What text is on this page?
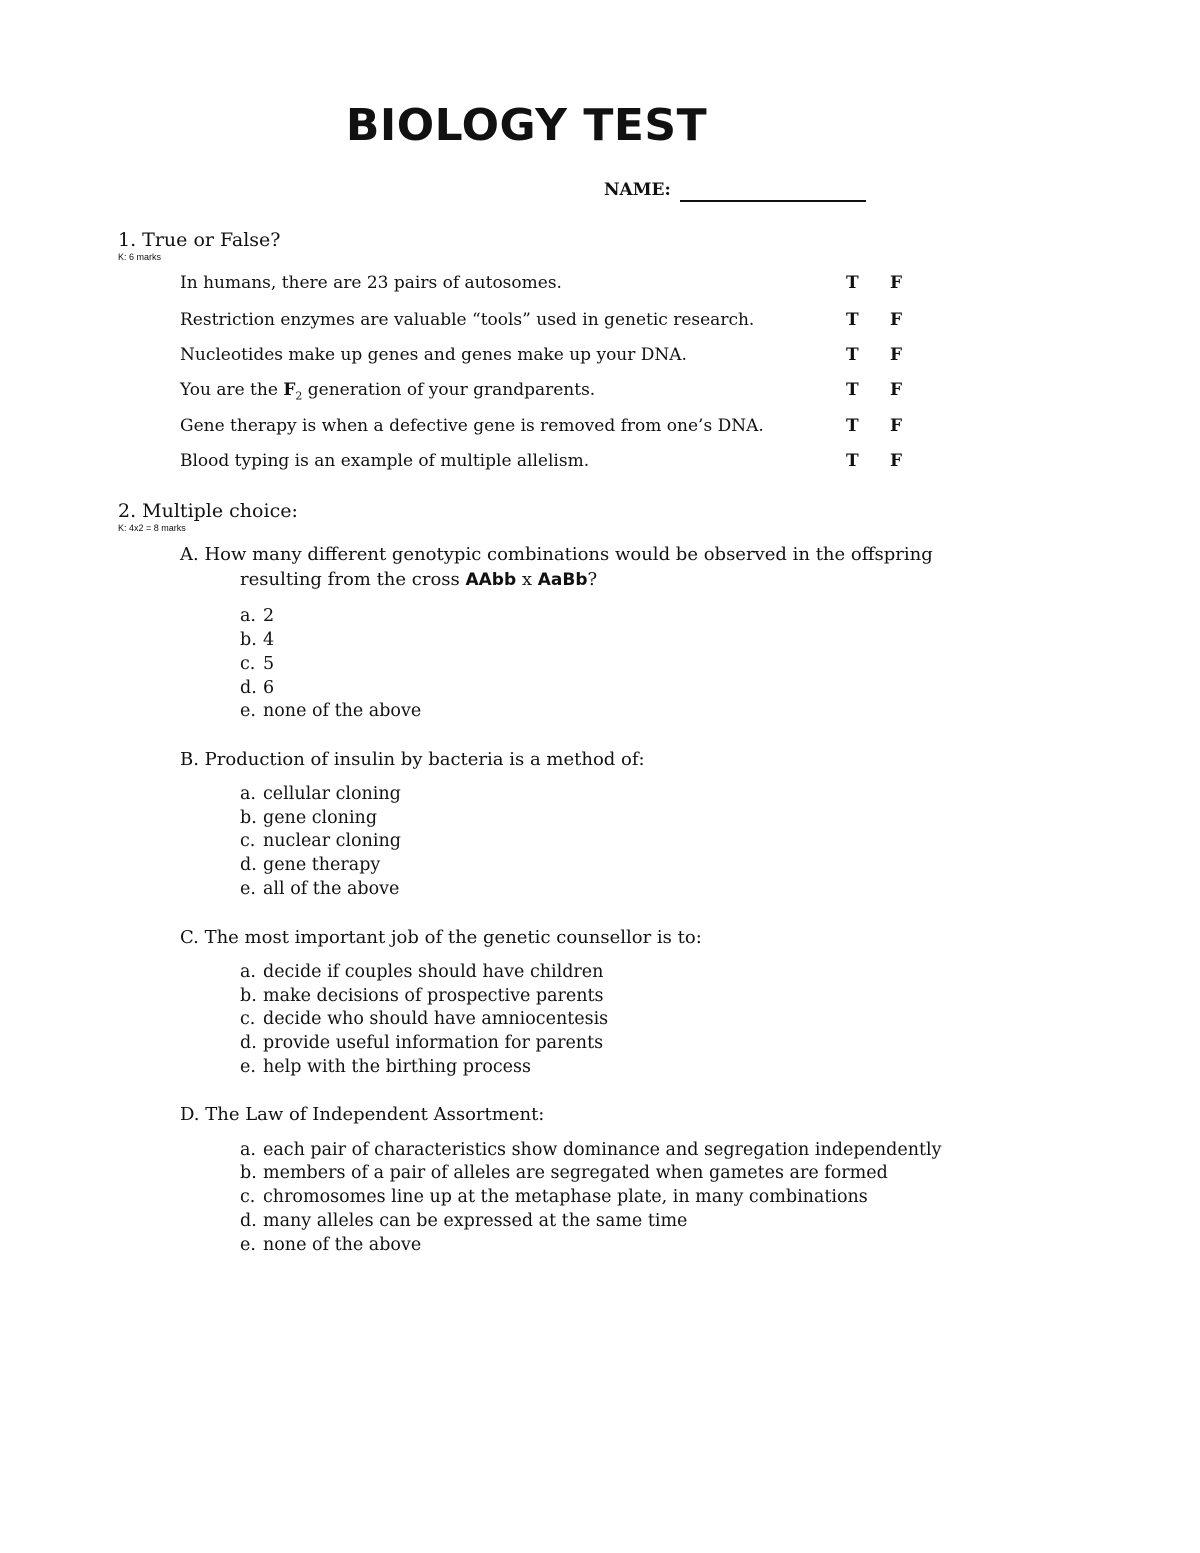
BIOLOGY TEST
NAME:
1. True or False?
K: 6 marks
In humans, there are 23 pairs of autosomes.	T F
Restriction enzymes are valuable “tools” used in genetic research.	T F
Nucleotides make up genes and genes make up your DNA.	T F
You are the $F_2$ generation of your grandparents.	T F
Gene therapy is when a defective gene is removed from one’s DNA.	T F
Blood typing is an example of multiple allelism.	T F
2. Multiple choice:
K: 4x2 = 8 marks
A. How many different genotypic combinations would be observed in the offspring
resulting from the cross AAbb x AaBb?
a. 2
b. 4
c. 5
d. 6
e. none of the above
B. Production of insulin by bacteria is a method of:
a. cellular cloning
b. gene cloning
c. nuclear cloning
d. gene therapy
e. all of the above
C. The most important job of the genetic counsellor is to:
a. decide if couples should have children
b. make decisions of prospective parents
c. decide who should have amniocentesis
d. provide useful information for parents
e. help with the birthing process
D. The Law of Independent Assortment:
a. each pair of characteristics show dominance and segregation independently
b. members of a pair of alleles are segregated when gametes are formed
c. chromosomes line up at the metaphase plate, in many combinations
d. many alleles can be expressed at the same time
e. none of the above
